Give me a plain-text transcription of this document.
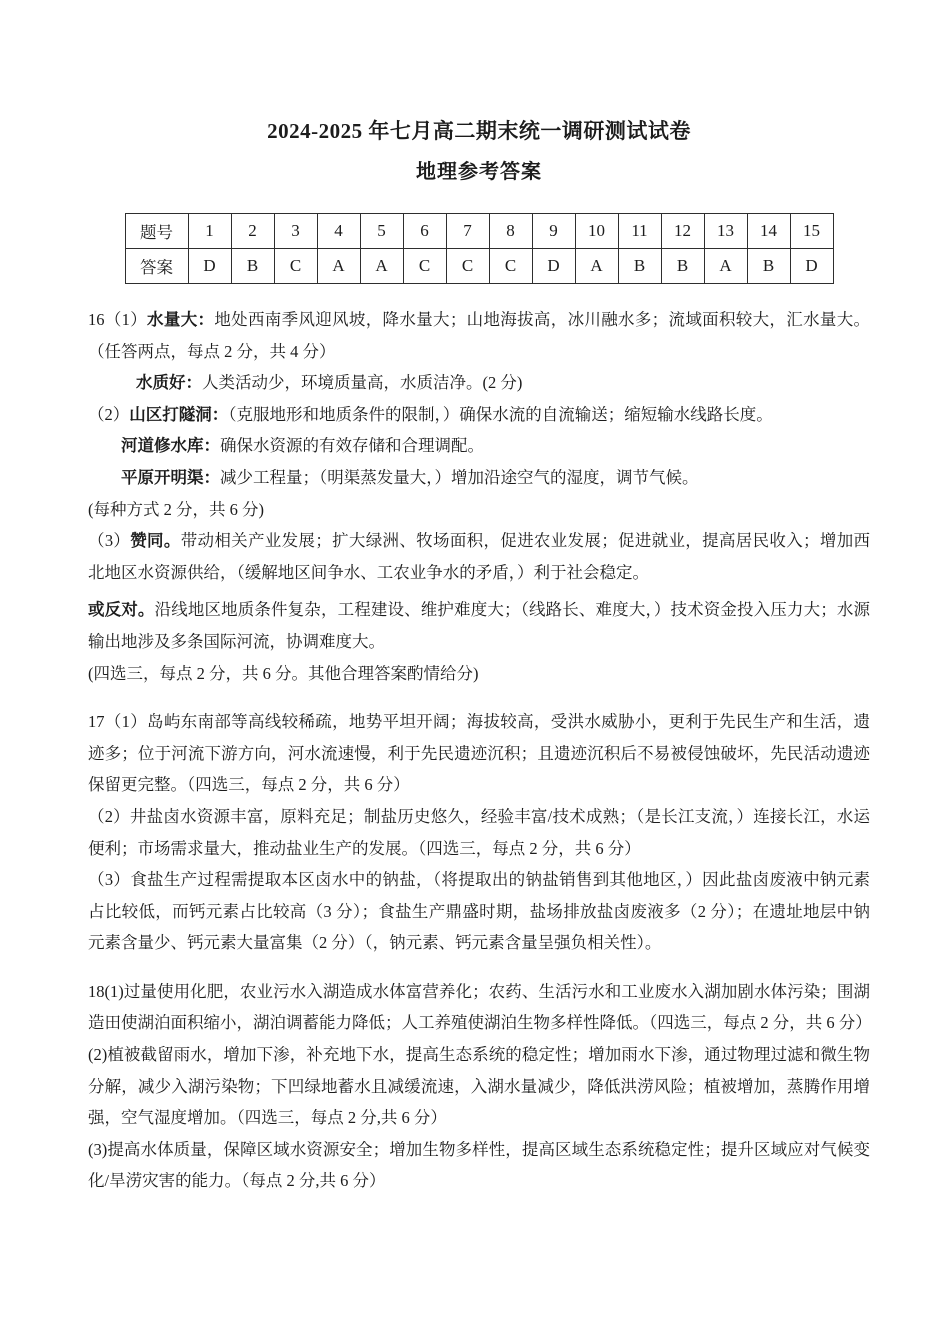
2024-2025 年七月高二期末统一调研测试试卷
地理参考答案
题号	1	2	3	4	5	6	7	8	9	10	11	12	13	14	15
答案	D	B	C	A	A	C	C	C	D	A	B	B	A	B	D

16（1）水量大：地处西南季风迎风坡，降水量大；山地海拔高，冰川融水多；流域面积较大，汇水量大。（任答两点，每点 2 分，共 4 分）

水质好：人类活动少，环境质量高，水质洁净。(2 分)

（2）山区打隧洞：（克服地形和地质条件的限制，）确保水流的自流输送；缩短输水线路长度。

河道修水库：确保水资源的有效存储和合理调配。

平原开明渠：减少工程量；（明渠蒸发量大，）增加沿途空气的湿度，调节气候。

(每种方式 2 分，共 6 分)

（3）赞同。带动相关产业发展；扩大绿洲、牧场面积，促进农业发展；促进就业，提高居民收入；增加西北地区水资源供给，（缓解地区间争水、工农业争水的矛盾，）利于社会稳定。

或反对。沿线地区地质条件复杂，工程建设、维护难度大；（线路长、难度大，）技术资金投入压力大；水源输出地涉及多条国际河流，协调难度大。

(四选三，每点 2 分，共 6 分。其他合理答案酌情给分)

17（1）岛屿东南部等高线较稀疏，地势平坦开阔；海拔较高，受洪水威胁小，更利于先民生产和生活，遗迹多；位于河流下游方向，河水流速慢，利于先民遗迹沉积；且遗迹沉积后不易被侵蚀破坏，先民活动遗迹保留更完整。（四选三，每点 2 分，共 6 分）

（2）井盐卤水资源丰富，原料充足；制盐历史悠久，经验丰富/技术成熟；（是长江支流，）连接长江，水运便利；市场需求量大，推动盐业生产的发展。（四选三，每点 2 分，共 6 分）

（3）食盐生产过程需提取本区卤水中的钠盐，（将提取出的钠盐销售到其他地区，）因此盐卤废液中钠元素占比较低，而钙元素占比较高（3 分）；食盐生产鼎盛时期，盐场排放盐卤废液多（2 分）；在遗址地层中钠元素含量少、钙元素大量富集（2 分）（，钠元素、钙元素含量呈强负相关性）。

18(1)过量使用化肥，农业污水入湖造成水体富营养化；农药、生活污水和工业废水入湖加剧水体污染；围湖造田使湖泊面积缩小，湖泊调蓄能力降低；人工养殖使湖泊生物多样性降低。（四选三，每点 2 分，共 6 分）

(2)植被截留雨水，增加下渗，补充地下水，提高生态系统的稳定性；增加雨水下渗，通过物理过滤和微生物分解，减少入湖污染物；下凹绿地蓄水且减缓流速，入湖水量减少，降低洪涝风险；植被增加，蒸腾作用增强，空气湿度增加。（四选三，每点 2 分,共 6 分）

(3)提高水体质量，保障区域水资源安全；增加生物多样性，提高区域生态系统稳定性；提升区域应对气候变化/旱涝灾害的能力。（每点 2 分,共 6 分）
